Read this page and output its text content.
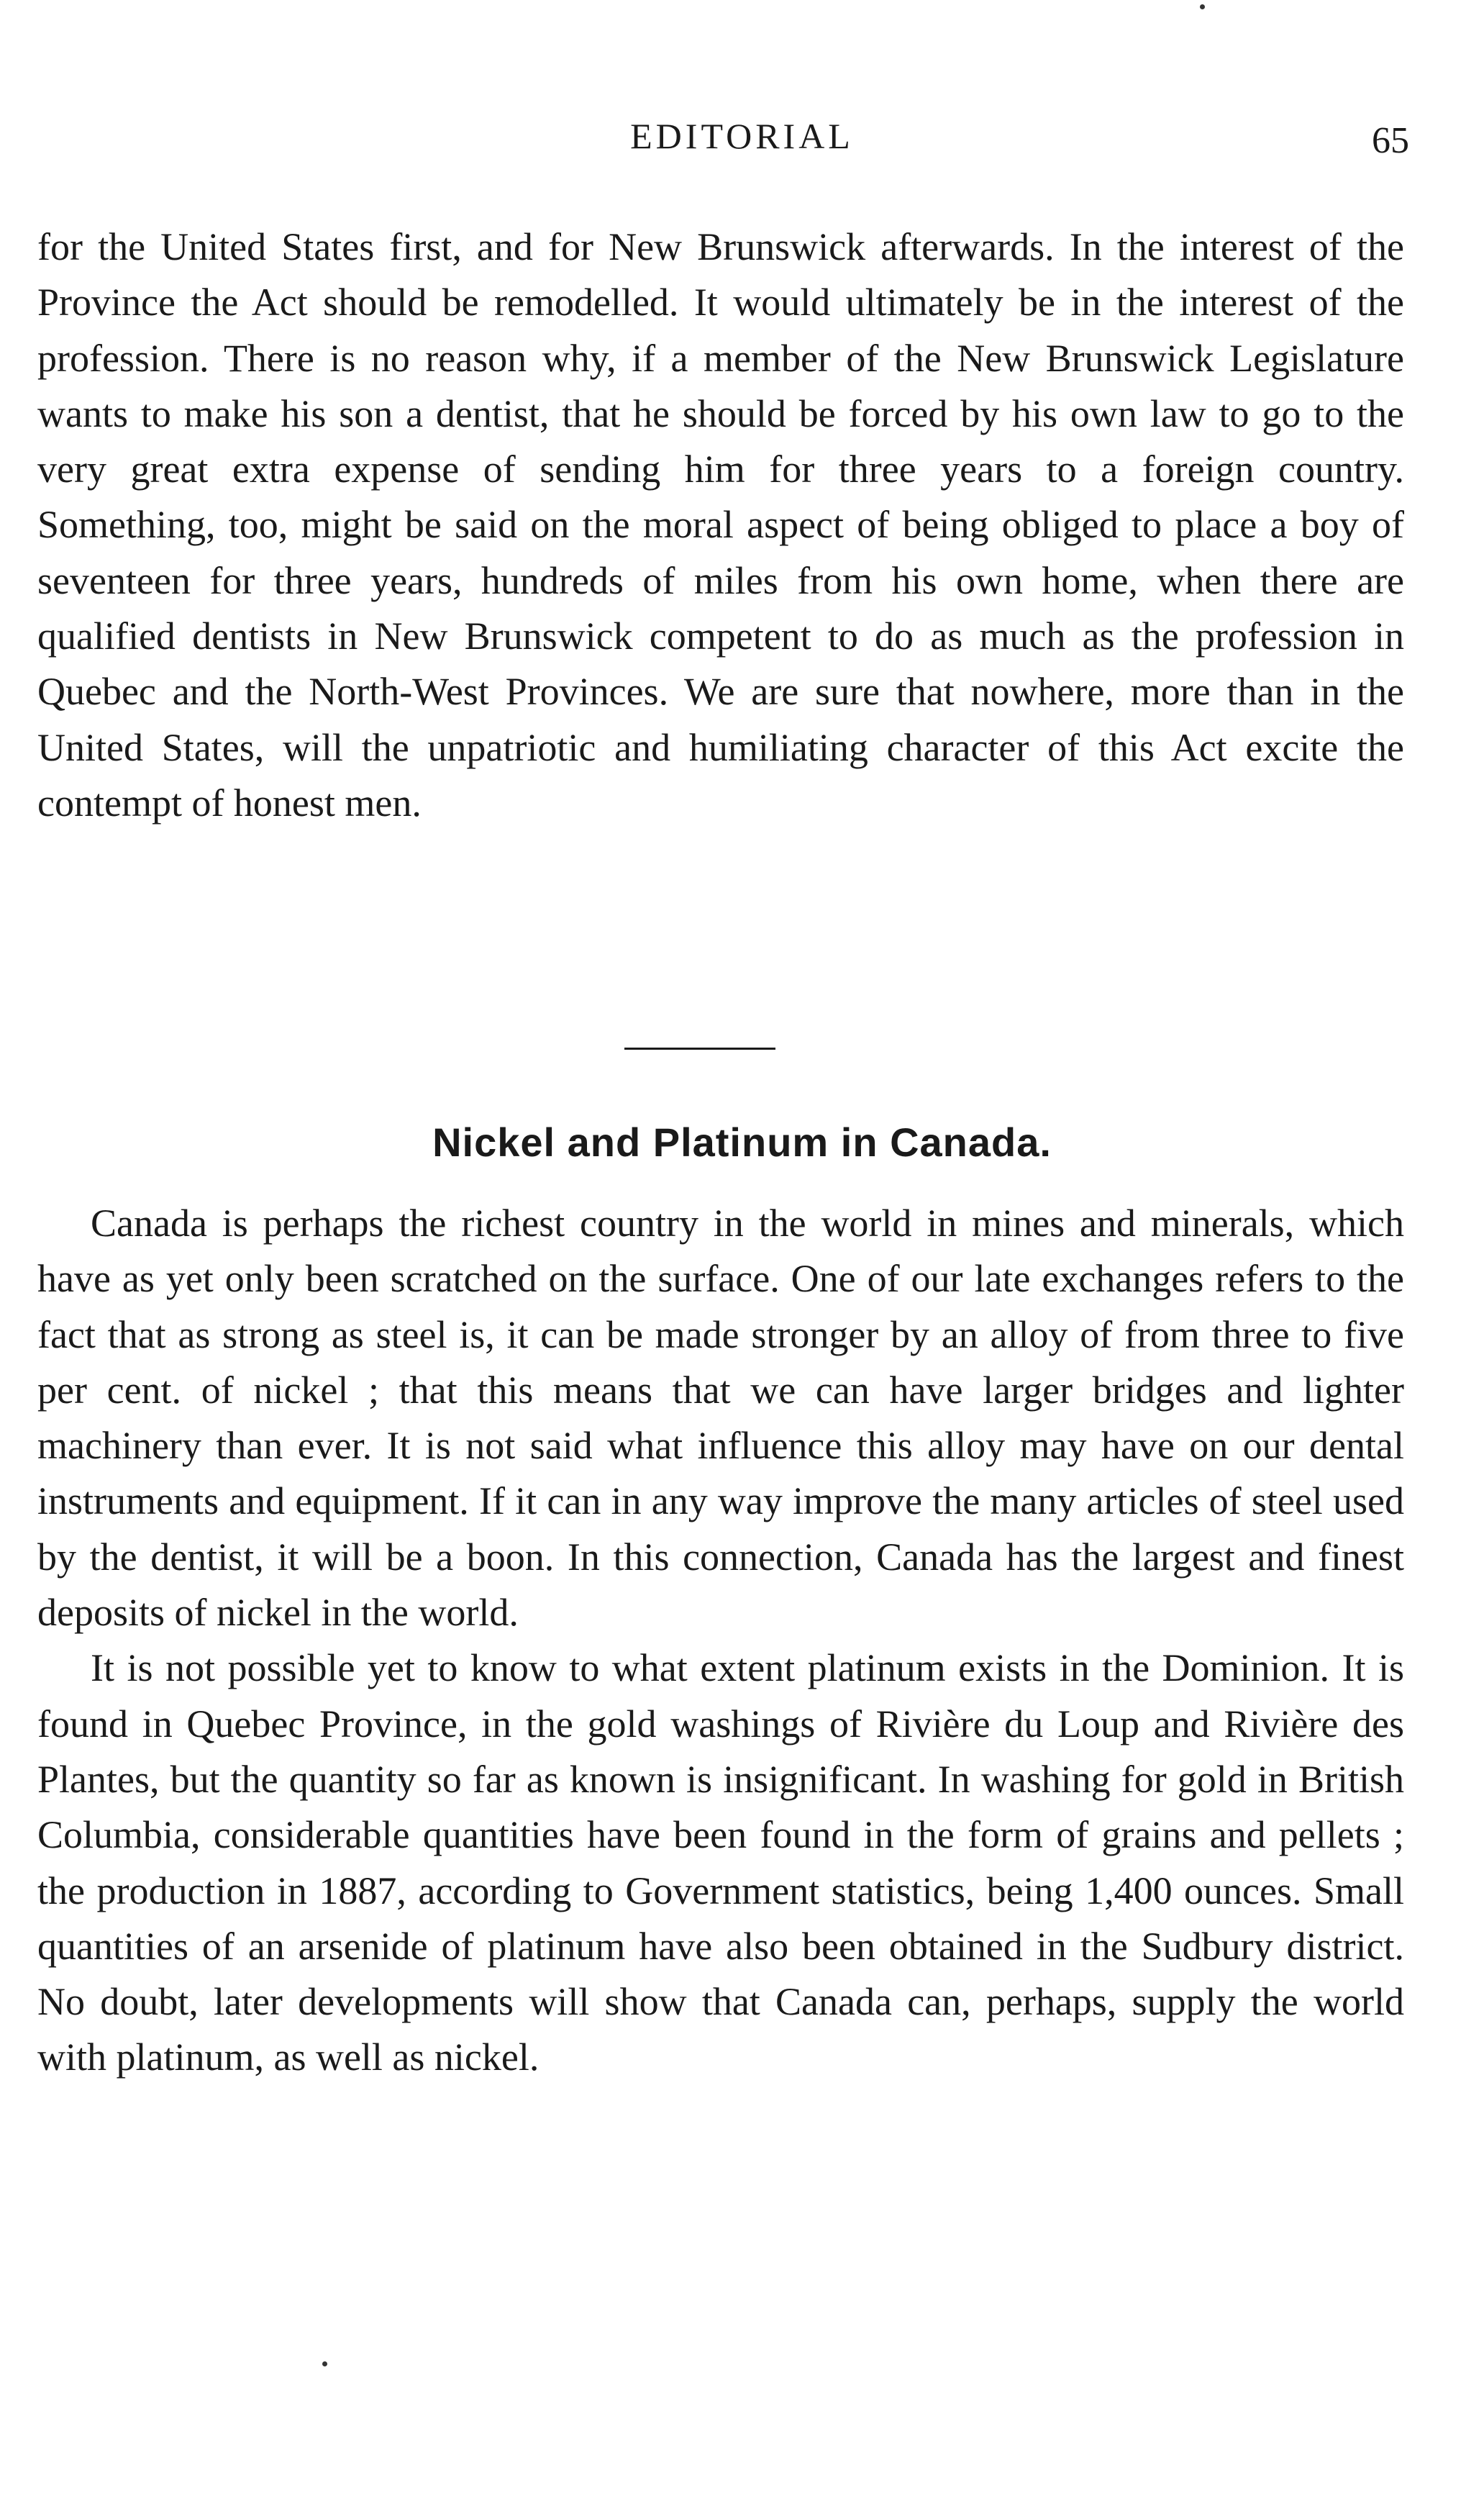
EDITORIAL	65

for the United States first, and for New Brunswick afterwards. In the interest of the Province the Act should be remodelled. It would ultimately be in the interest of the profession. There is no reason why, if a member of the New Brunswick Legislature wants to make his son a dentist, that he should be forced by his own law to go to the very great extra expense of sending him for three years to a foreign country. Something, too, might be said on the moral aspect of being obliged to place a boy of seventeen for three years, hundreds of miles from his own home, when there are qualified dentists in New Brunswick competent to do as much as the profession in Quebec and the North-West Provinces. We are sure that nowhere, more than in the United States, will the unpatriotic and humiliating character of this Act excite the contempt of honest men.

Nickel and Platinum in Canada.

Canada is perhaps the richest country in the world in mines and minerals, which have as yet only been scratched on the surface. One of our late exchanges refers to the fact that as strong as steel is, it can be made stronger by an alloy of from three to five per cent. of nickel ; that this means that we can have larger bridges and lighter machinery than ever. It is not said what influence this alloy may have on our dental instruments and equipment. If it can in any way improve the many articles of steel used by the dentist, it will be a boon. In this connection, Canada has the largest and finest deposits of nickel in the world.

It is not possible yet to know to what extent platinum exists in the Dominion. It is found in Quebec Province, in the gold washings of Rivière du Loup and Rivière des Plantes, but the quantity so far as known is insignificant. In washing for gold in British Columbia, considerable quantities have been found in the form of grains and pellets ; the production in 1887, according to Government statistics, being 1,400 ounces. Small quantities of an arsenide of platinum have also been obtained in the Sudbury district. No doubt, later developments will show that Canada can, perhaps, supply the world with platinum, as well as nickel.
